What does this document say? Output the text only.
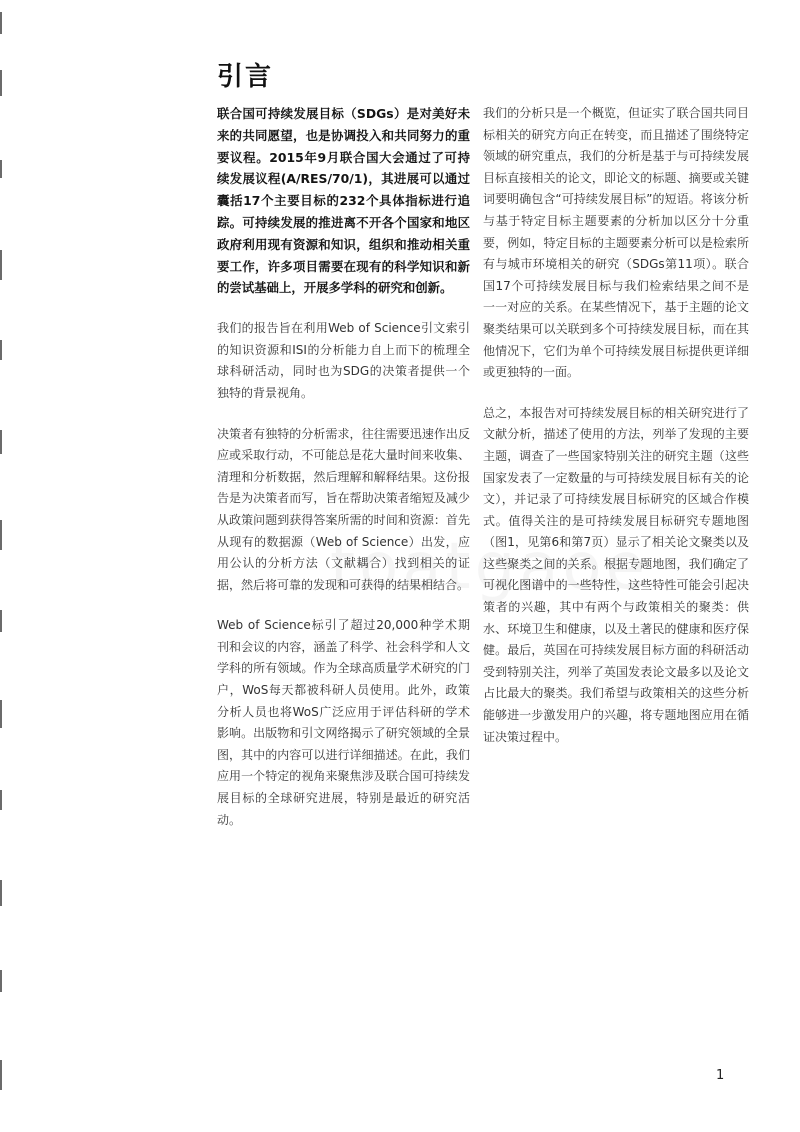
引言

联合国可持续发展目标（SDGs）是对美好未来的共同愿望，也是协调投入和共同努力的重要议程。2015年9月联合国大会通过了可持续发展议程(A/RES/70/1)，其进展可以通过囊括17个主要目标的232个具体指标进行追踪。可持续发展的推进离不开各个国家和地区政府利用现有资源和知识，组织和推动相关重要工作，许多项目需要在现有的科学知识和新的尝试基础上，开展多学科的研究和创新。

我们的报告旨在利用Web of Science引文索引的知识资源和ISI的分析能力自上而下的梳理全球科研活动，同时也为SDG的决策者提供一个独特的背景视角。

决策者有独特的分析需求，往往需要迅速作出反应或采取行动，不可能总是花大量时间来收集、清理和分析数据，然后理解和解释结果。这份报告是为决策者而写，旨在帮助决策者缩短及减少从政策问题到获得答案所需的时间和资源：首先从现有的数据源（Web of Science）出发，应用公认的分析方法（文献耦合）找到相关的证据，然后将可靠的发现和可获得的结果相结合。

Web of Science标引了超过20,000种学术期刊和会议的内容，涵盖了科学、社会科学和人文学科的所有领域。作为全球高质量学术研究的门户，WoS每天都被科研人员使用。此外，政策分析人员也将WoS广泛应用于评估科研的学术影响。出版物和引文网络揭示了研究领域的全景图，其中的内容可以进行详细描述。在此，我们应用一个特定的视角来聚焦涉及联合国可持续发展目标的全球研究进展，特别是最近的研究活动。

我们的分析只是一个概览，但证实了联合国共同目标相关的研究方向正在转变，而且描述了围绕特定领域的研究重点，我们的分析是基于与可持续发展目标直接相关的论文，即论文的标题、摘要或关键词要明确包含“可持续发展目标”的短语。将该分析与基于特定目标主题要素的分析加以区分十分重要，例如，特定目标的主题要素分析可以是检索所有与城市环境相关的研究（SDGs第11项）。联合国17个可持续发展目标与我们检索结果之间不是一一对应的关系。在某些情况下，基于主题的论文聚类结果可以关联到多个可持续发展目标，而在其他情况下，它们为单个可持续发展目标提供更详细或更独特的一面。

总之，本报告对可持续发展目标的相关研究进行了文献分析，描述了使用的方法，列举了发现的主要主题，调查了一些国家特别关注的研究主题（这些国家发表了一定数量的与可持续发展目标有关的论文），并记录了可持续发展目标研究的区域合作模式。值得关注的是可持续发展目标研究专题地图（图1，见第6和第7页）显示了相关论文聚类以及这些聚类之间的关系。根据专题地图，我们确定了可视化图谱中的一些特性，这些特性可能会引起决策者的兴趣，其中有两个与政策相关的聚类：供水、环境卫生和健康，以及土著民的健康和医疗保健。最后，英国在可持续发展目标方面的科研活动受到特别关注，列举了英国发表论文最多以及论文占比最大的聚类。我们希望与政策相关的这些分析能够进一步激发用户的兴趣，将专题地图应用在循证决策过程中。

1
